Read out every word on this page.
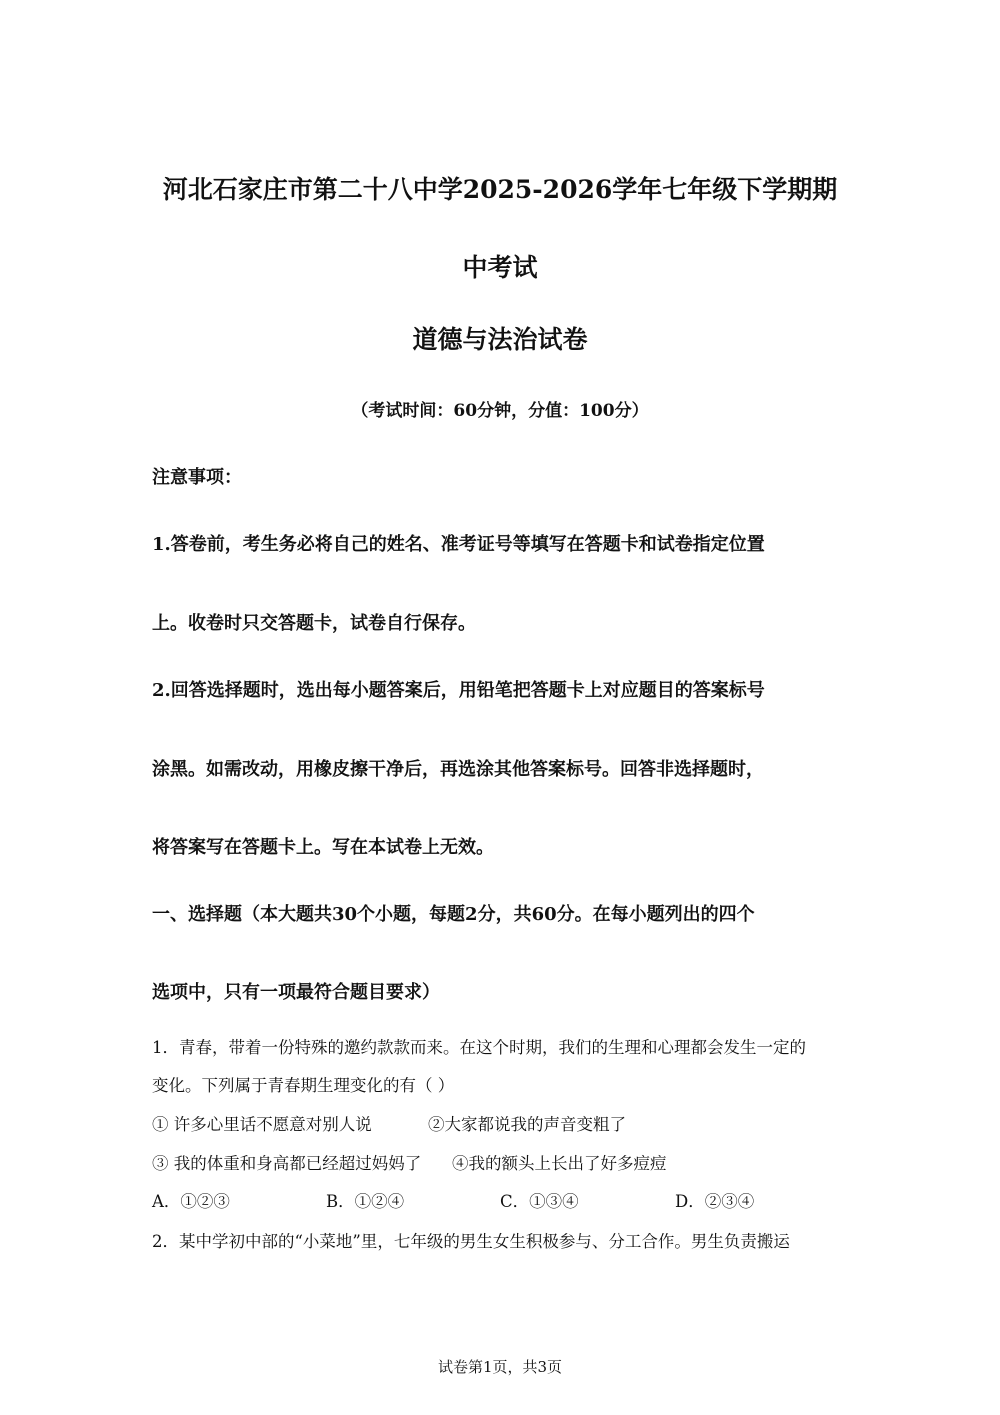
河北石家庄市第二十八中学2025-2026学年七年级下学期期
中考试
道德与法治试卷
（考试时间：60分钟，分值：100分）
注意事项：
1.答卷前，考生务必将自己的姓名、准考证号等填写在答题卡和试卷指定位置
上。收卷时只交答题卡，试卷自行保存。
2.回答选择题时，选出每小题答案后，用铅笔把答题卡上对应题目的答案标号
涂黑。如需改动，用橡皮擦干净后，再选涂其他答案标号。回答非选择题时，
将答案写在答题卡上。写在本试卷上无效。
一、选择题（本大题共30个小题，每题2分，共60分。在每小题列出的四个
选项中，只有一项最符合题目要求）
1．青春，带着一份特殊的邀约款款而来。在这个时期，我们的生理和心理都会发生一定的
变化。下列属于青春期生理变化的有（ ）
① 许多心里话不愿意对别人说	②大家都说我的声音变粗了
③ 我的体重和身高都已经超过妈妈了 ④我的额头上长出了好多痘痘
A．①②③	B．①②④	C．①③④	D．②③④
2．某中学初中部的“小菜地”里，七年级的男生女生积极参与、分工合作。男生负责搬运
试卷第1页，共3页
